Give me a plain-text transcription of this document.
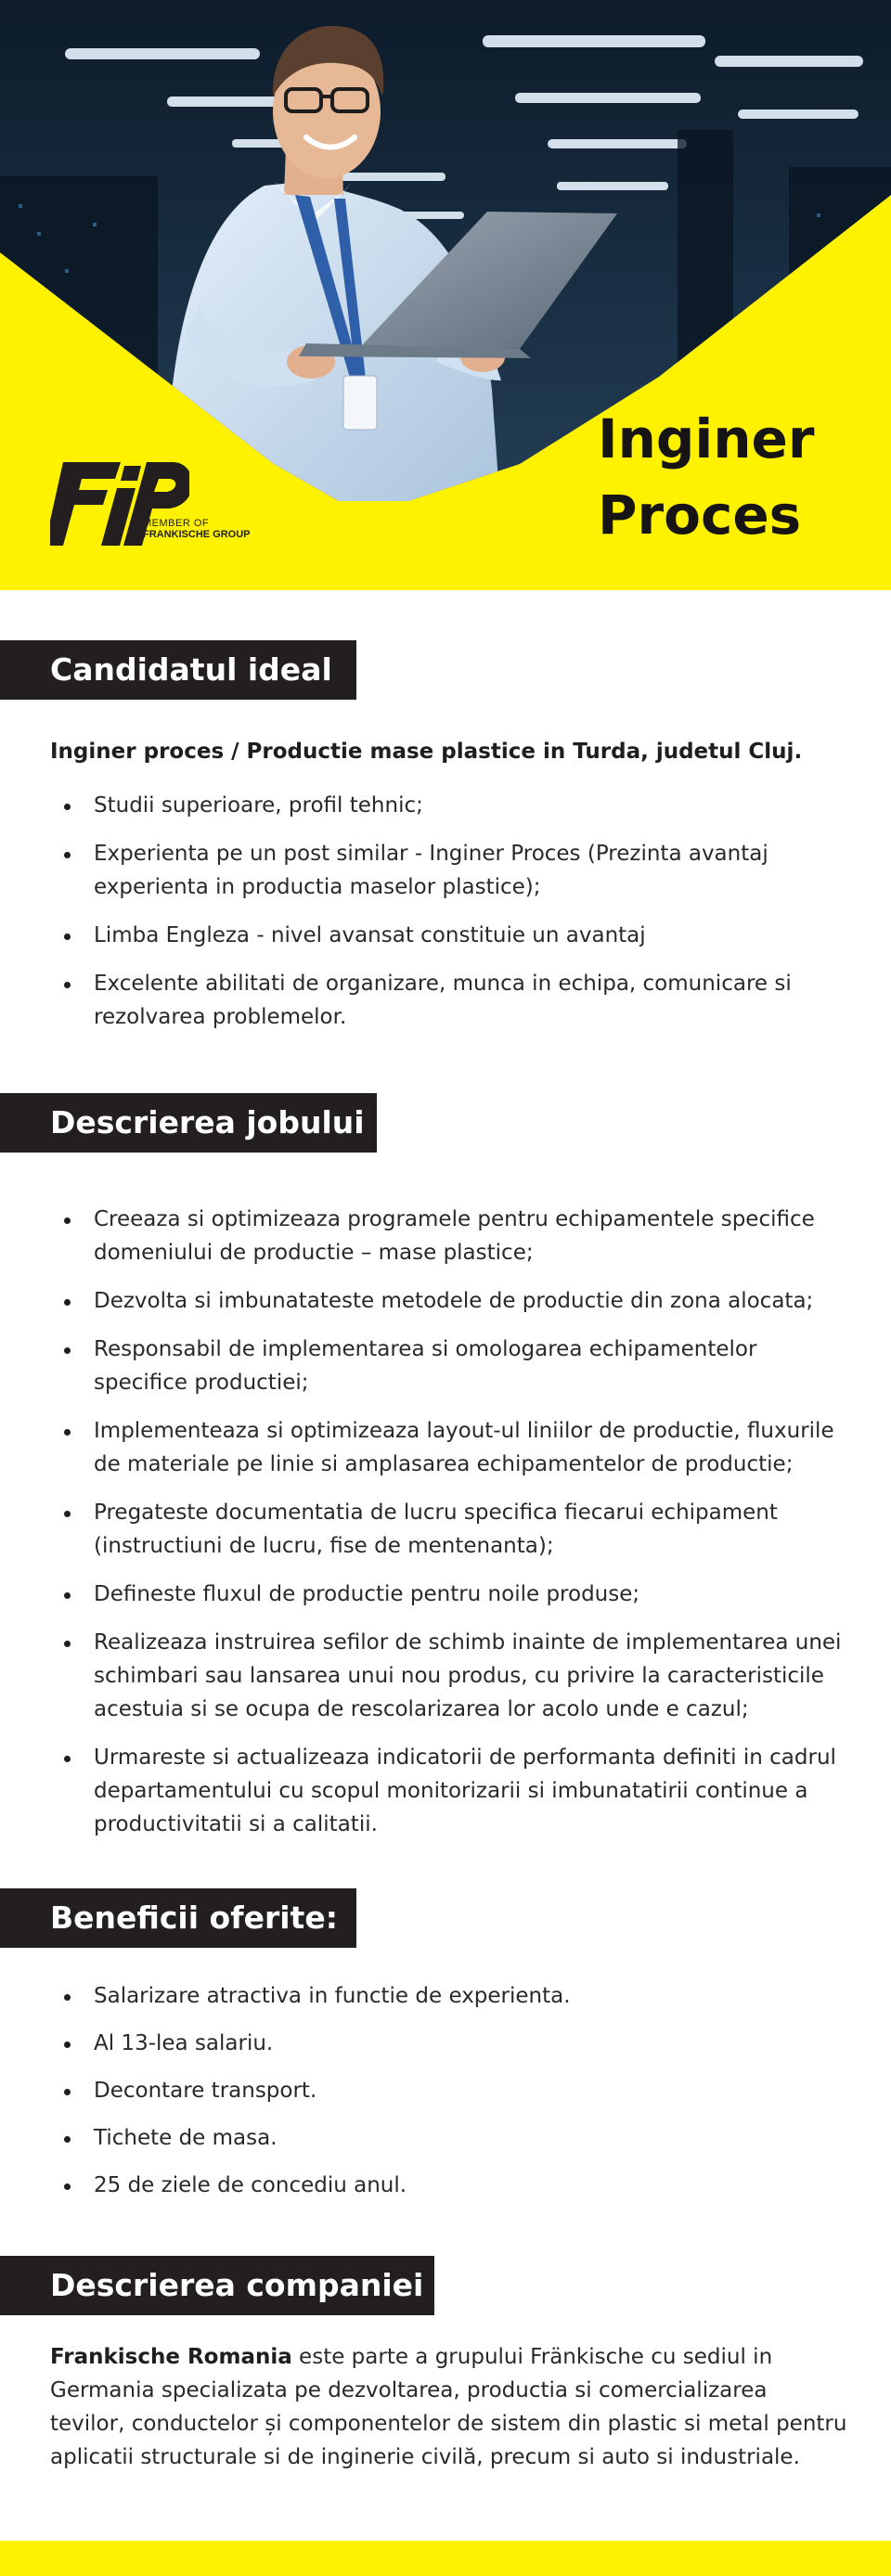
MEMBER OF
FRANKISCHE GROUP
Inginer
Proces
Candidatul ideal
Inginer proces / Productie mase plastice in Turda, judetul Cluj.
Studii superioare, profil tehnic;
Experienta pe un post similar - Inginer Proces (Prezinta avantaj experienta in productia maselor plastice);
Limba Engleza - nivel avansat constituie un avantaj
Excelente abilitati de organizare, munca in echipa, comunicare si rezolvarea problemelor.
Descrierea jobului
Creeaza si optimizeaza programele pentru echipamentele specifice domeniului de productie – mase plastice;
Dezvolta si imbunatateste metodele de productie din zona alocata;
Responsabil de implementarea si omologarea echipamentelor specifice productiei;
Implementeaza si optimizeaza layout-ul liniilor de productie, fluxurile de materiale pe linie si amplasarea echipamentelor de productie;
Pregateste documentatia de lucru specifica fiecarui echipament (instructiuni de lucru, fise de mentenanta);
Defineste fluxul de productie pentru noile produse;
Realizeaza instruirea sefilor de schimb inainte de implementarea unei schimbari sau lansarea unui nou produs, cu privire la caracteristicile acestuia si se ocupa de rescolarizarea lor acolo unde e cazul;
Urmareste si actualizeaza indicatorii de performanta definiti in cadrul departamentului cu scopul monitorizarii si imbunatatirii continue a productivitatii si a calitatii.
Beneficii oferite:
Salarizare atractiva in functie de experienta.
Al 13-lea salariu.
Decontare transport.
Tichete de masa.
25 de ziele de concediu anul.
Descrierea companiei
Frankische Romania este parte a grupului Fränkische cu sediul in Germania specializata pe dezvoltarea, productia si comercializarea tevilor, conductelor și componentelor de sistem din plastic si metal pentru aplicatii structurale si de inginerie civilă, precum si auto si industriale.
